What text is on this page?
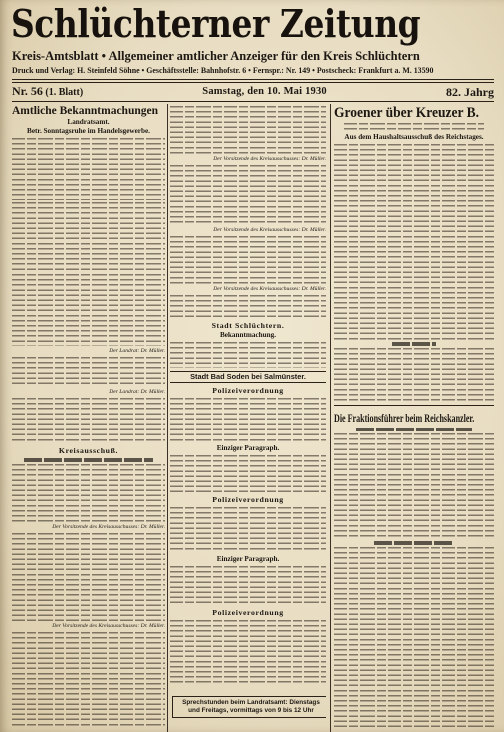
Schlüchterner Zeitung
Kreis-Amtsblatt • Allgemeiner amtlicher Anzeiger für den Kreis Schlüchtern
Druck und Verlag: H. Steinfeld Söhne • Geschäftsstelle: Bahnhofstr. 6 • Fernspr.: Nr. 149 • Postscheck: Frankfurt a. M. 13590
Nr. 56 (1. Blatt)	Samstag, den 10. Mai 1930	82. Jahrg
Amtliche Bekanntmachungen
Landratsamt.
Betr. Sonntagsruhe im Handelsgewerbe.
Der Landrat: Dr. Müller.
Der Landrat: Dr. Müller.
Kreisausschuß.
Der Vorsitzende des Kreisausschusses: Dr. Müller.
Der Vorsitzende des Kreisausschusses: Dr. Müller.
Der Vorsitzende des Kreisausschusses: Dr. Müller.
Der Vorsitzende des Kreisausschusses: Dr. Müller.
Der Vorsitzende des Kreisausschusses: Dr. Müller.
Stadt Schlüchtern.
Bekanntmachung.
Stadt Bad Soden bei Salmünster.
Polizeiverordnung
Einziger Paragraph.
Polizeiverordnung
Einziger Paragraph.
Polizeiverordnung
Sprechstunden beim Landratsamt: Dienstags und Freitags, vormittags von 9 bis 12 Uhr
Groener über Kreuzer B.
Aus dem Haushaltsausschuß des Reichstages.
Die Fraktionsführer beim Reichskanzler.
